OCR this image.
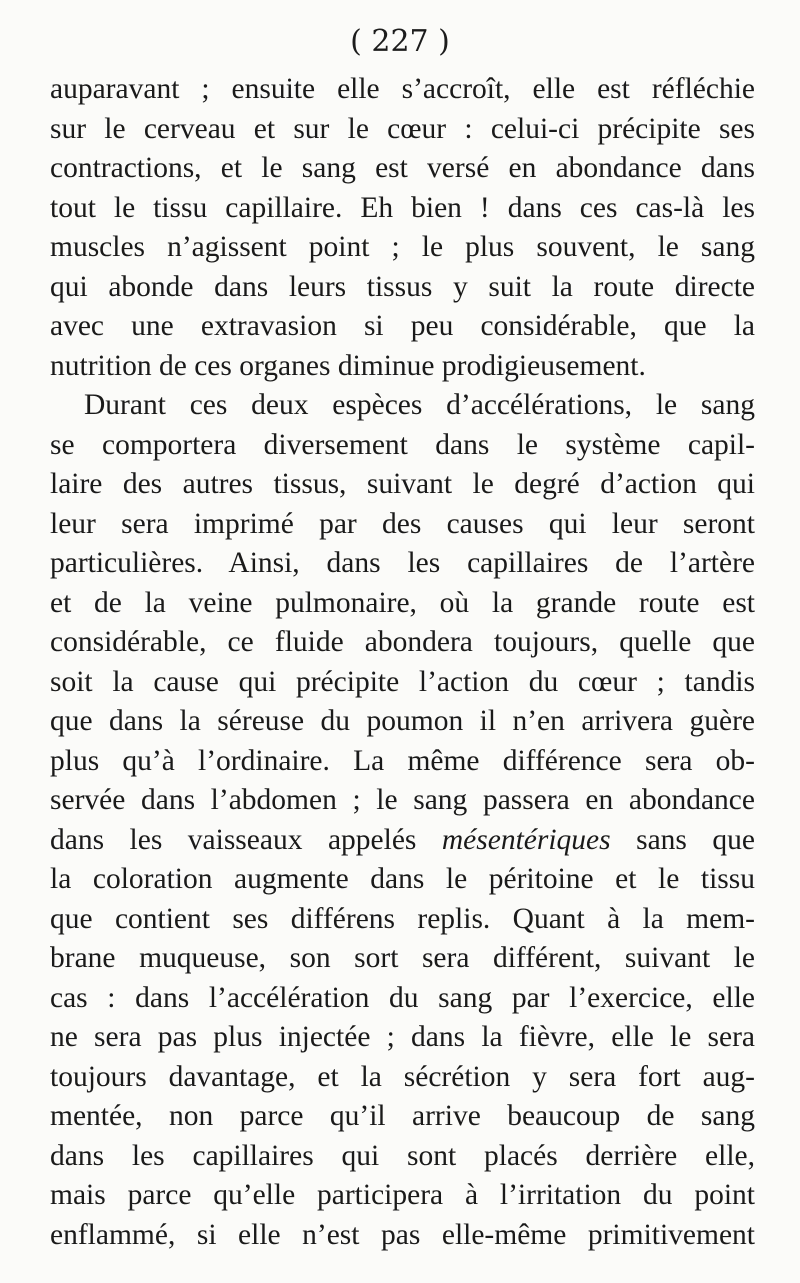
( 227 )
auparavant ; ensuite elle s’accroît, elle est réfléchie
sur le cerveau et sur le cœur : celui-ci précipite ses
contractions, et le sang est versé en abondance dans
tout le tissu capillaire. Eh bien ! dans ces cas-là les
muscles n’agissent point ; le plus souvent, le sang
qui abonde dans leurs tissus y suit la route directe
avec une extravasion si peu considérable, que la
nutrition de ces organes diminue prodigieusement.
Durant ces deux espèces d’accélérations, le sang
se comportera diversement dans le système capil-
laire des autres tissus, suivant le degré d’action qui
leur sera imprimé par des causes qui leur seront
particulières. Ainsi, dans les capillaires de l’artère
et de la veine pulmonaire, où la grande route est
considérable, ce fluide abondera toujours, quelle que
soit la cause qui précipite l’action du cœur ; tandis
que dans la séreuse du poumon il n’en arrivera guère
plus qu’à l’ordinaire. La même différence sera ob-
servée dans l’abdomen ; le sang passera en abondance
dans les vaisseaux appelés mésentériques sans que
la coloration augmente dans le péritoine et le tissu
que contient ses différens replis. Quant à la mem-
brane muqueuse, son sort sera différent, suivant le
cas : dans l’accélération du sang par l’exercice, elle
ne sera pas plus injectée ; dans la fièvre, elle le sera
toujours davantage, et la sécrétion y sera fort aug-
mentée, non parce qu’il arrive beaucoup de sang
dans les capillaires qui sont placés derrière elle,
mais parce qu’elle participera à l’irritation du point
enflammé, si elle n’est pas elle-même primitivement
